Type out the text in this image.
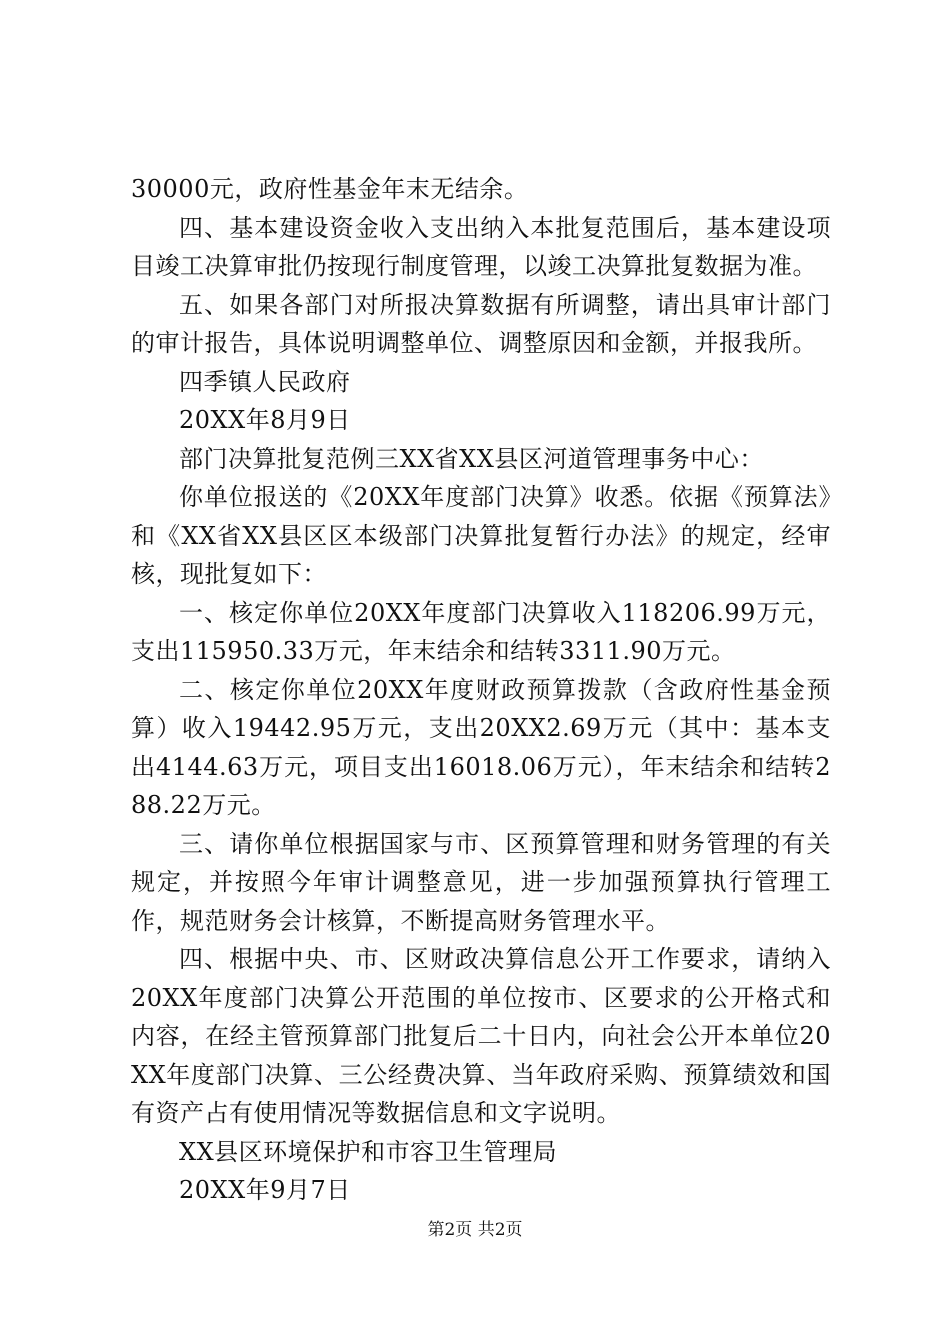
30000元，政府性基金年末无结余。

四、基本建设资金收入支出纳入本批复范围后，基本建设项目竣工决算审批仍按现行制度管理，以竣工决算批复数据为准。

五、如果各部门对所报决算数据有所调整，请出具审计部门的审计报告，具体说明调整单位、调整原因和金额，并报我所。

四季镇人民政府

20XX年8月9日

部门决算批复范例三XX省XX县区河道管理事务中心：

你单位报送的《20XX年度部门决算》收悉。依据《预算法》和《XX省XX县区区本级部门决算批复暂行办法》的规定，经审核，现批复如下：

一、核定你单位20XX年度部门决算收入118206.99万元，支出115950.33万元，年末结余和结转3311.90万元。

二、核定你单位20XX年度财政预算拨款（含政府性基金预算）收入19442.95万元，支出20XX2.69万元（其中：基本支出4144.63万元，项目支出16018.06万元），年末结余和结转288.22万元。

三、请你单位根据国家与市、区预算管理和财务管理的有关规定，并按照今年审计调整意见，进一步加强预算执行管理工作，规范财务会计核算，不断提高财务管理水平。

四、根据中央、市、区财政决算信息公开工作要求，请纳入20XX年度部门决算公开范围的单位按市、区要求的公开格式和内容，在经主管预算部门批复后二十日内，向社会公开本单位20XX年度部门决算、三公经费决算、当年政府采购、预算绩效和国有资产占有使用情况等数据信息和文字说明。

XX县区环境保护和市容卫生管理局

20XX年9月7日

第2页 共2页
